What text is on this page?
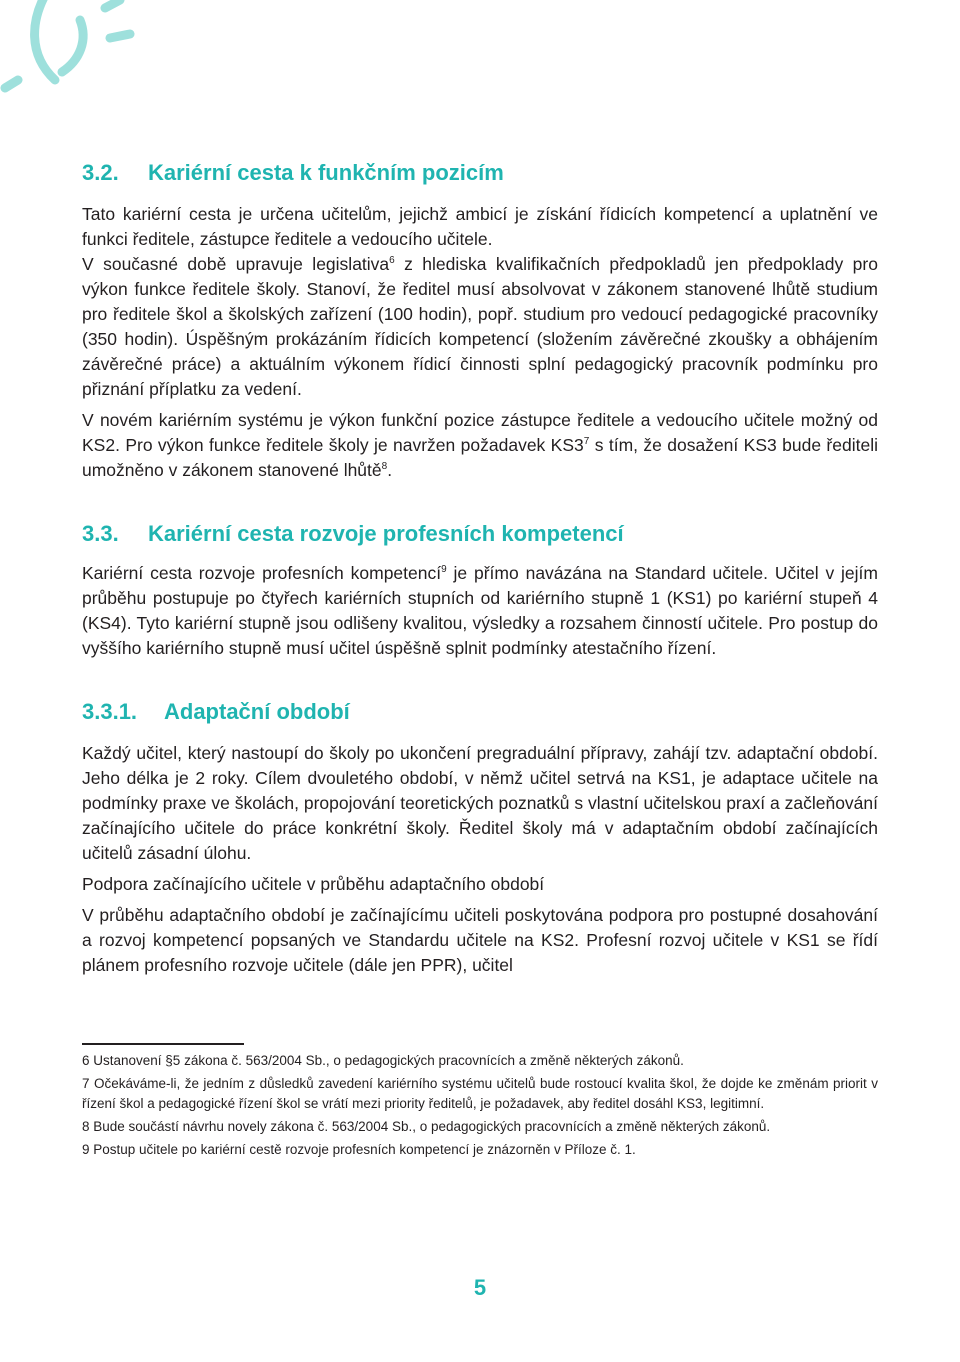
3.2. Kariérní cesta k funkčním pozicím

Tato kariérní cesta je určena učitelům, jejichž ambicí je získání řídicích kompetencí a uplatnění ve funkci ředitele, zástupce ředitele a vedoucího učitele.

V současné době upravuje legislativa$^6$ z hlediska kvalifikačních předpokladů jen předpoklady pro výkon funkce ředitele školy. Stanoví, že ředitel musí absolvovat v zákonem stanovené lhůtě studium pro ředitele škol a školských zařízení (100 hodin), popř. studium pro vedoucí pedagogické pracovníky (350 hodin). Úspěšným prokázáním řídicích kompetencí (složením závěrečné zkoušky a obhájením závěrečné práce) a aktuálním výkonem řídicí činnosti splní pedagogický pracovník podmínku pro přiznání příplatku za vedení.

V novém kariérním systému je výkon funkční pozice zástupce ředitele a vedoucího učitele možný od KS2. Pro výkon funkce ředitele školy je navržen požadavek $KS3^7$ s tím, že dosažení KS3 bude řediteli umožněno v zákonem stanovené lhůtě$^8$.

3.3. Kariérní cesta rozvoje profesních kompetencí

Kariérní cesta rozvoje profesních kompetencí$^9$ je přímo navázána na Standard učitele. Učitel v jejím průběhu postupuje po čtyřech kariérních stupních od kariérního stupně 1 (KS1) po kariérní stupeň 4 (KS4). Tyto kariérní stupně jsou odlišeny kvalitou, výsledky a rozsahem činností učitele. Pro postup do vyššího kariérního stupně musí učitel úspěšně splnit podmínky atestačního řízení.

3.3.1. Adaptační období

Každý učitel, který nastoupí do školy po ukončení pregraduální přípravy, zahájí tzv. adaptační období. Jeho délka je 2 roky. Cílem dvouletého období, v němž učitel setrvá na KS1, je adaptace učitele na podmínky praxe ve školách, propojování teoretických poznatků s vlastní učitelskou praxí a začleňování začínajícího učitele do práce konkrétní školy. Ředitel školy má v adaptačním období začínajících učitelů zásadní úlohu.

Podpora začínajícího učitele v průběhu adaptačního období

V průběhu adaptačního období je začínajícímu učiteli poskytována podpora pro postupné dosahování a rozvoj kompetencí popsaných ve Standardu učitele na KS2. Profesní rozvoj učitele v KS1 se řídí plánem profesního rozvoje učitele (dále jen PPR), učitel

6 Ustanovení §5 zákona č. 563/2004 Sb., o pedagogických pracovnících a změně některých zákonů.

7 Očekáváme-li, že jedním z důsledků zavedení kariérního systému učitelů bude rostoucí kvalita škol, že dojde ke změnám priorit v řízení škol a pedagogické řízení škol se vrátí mezi priority ředitelů, je požadavek, aby ředitel dosáhl KS3, legitimní.

8 Bude součástí návrhu novely zákona č. 563/2004 Sb., o pedagogických pracovnících a změně některých zákonů.

9 Postup učitele po kariérní cestě rozvoje profesních kompetencí je znázorněn v Příloze č. 1.

5
